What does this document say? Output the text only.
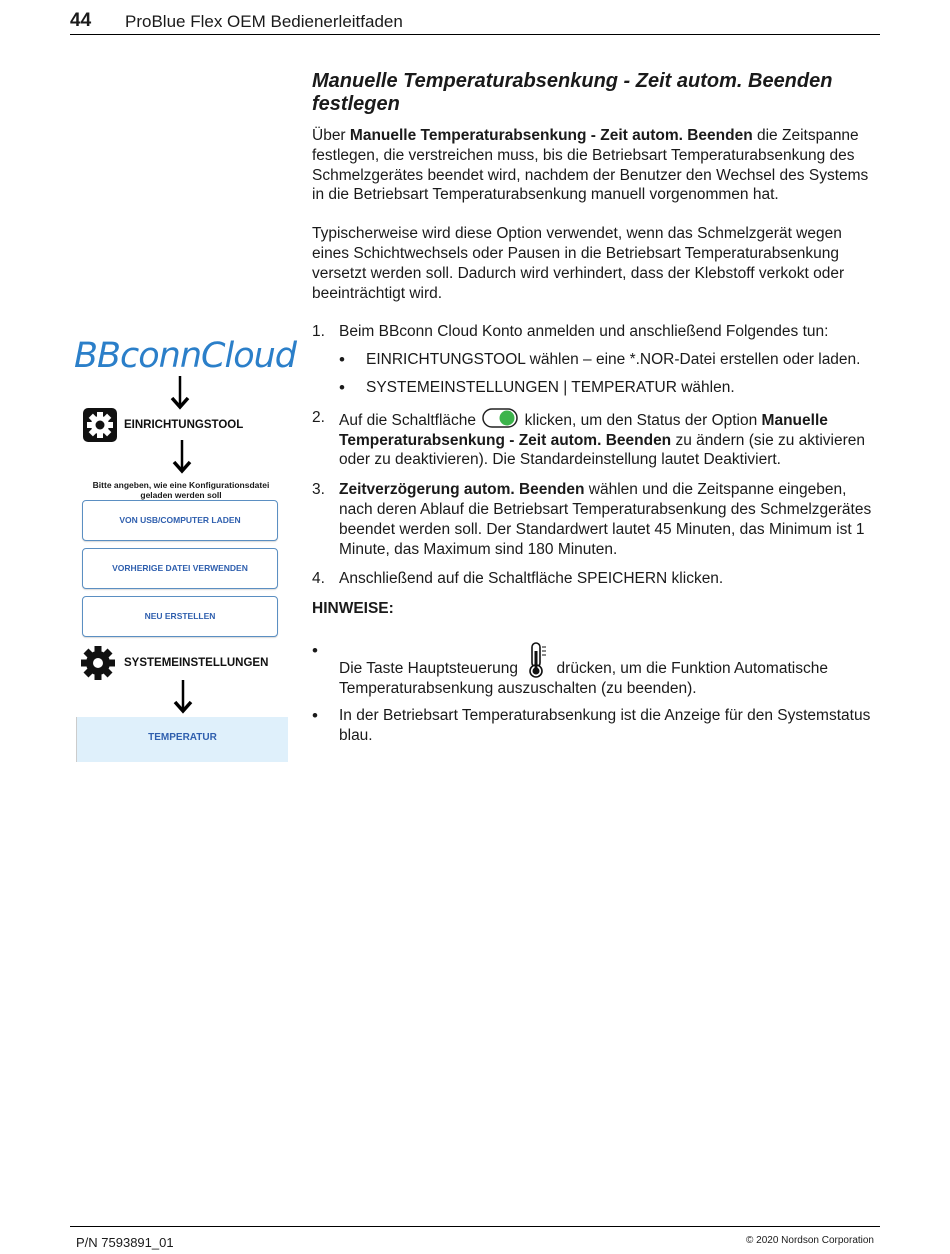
44 ProBlue Flex OEM Bedienerleitfaden
BBconnCloud
EINRICHTUNGSTOOL
Bitte angeben, wie eine Konfigurationsdatei geladen werden soll
VON USB/COMPUTER LADEN
VORHERIGE DATEI VERWENDEN
NEU ERSTELLEN
SYSTEMEINSTELLUNGEN
TEMPERATUR
Manuelle Temperaturabsenkung - Zeit autom. Beenden festlegen

Über Manuelle Temperaturabsenkung - Zeit autom. Beenden die Zeitspanne festlegen, die verstreichen muss, bis die Betriebsart Temperaturabsenkung des Schmelzgerätes beendet wird, nachdem der Benutzer den Wechsel des Systems in die Betriebsart Temperaturabsenkung manuell vorgenommen hat.

Typischerweise wird diese Option verwendet, wenn das Schmelzgerät wegen eines Schichtwechsels oder Pausen in die Betriebsart Temperaturabsenkung versetzt werden soll. Dadurch wird verhindert, dass der Klebstoff verkokt oder beeinträchtigt wird.

1. Beim BBconn Cloud Konto anmelden und anschließend Folgendes tun:
• EINRICHTUNGSTOOL wählen – eine *.NOR-Datei erstellen oder laden.
• SYSTEMEINSTELLUNGEN | TEMPERATUR wählen.
2. Auf die Schaltfläche	klicken, um den Status der Option Manuelle Temperaturabsenkung - Zeit autom. Beenden zu ändern (sie zu aktivieren oder zu deaktivieren). Die Standardeinstellung lautet Deaktiviert.
3. Zeitverzögerung autom. Beenden wählen und die Zeitspanne eingeben, nach deren Ablauf die Betriebsart Temperaturabsenkung des Schmelzgerätes beendet werden soll. Der Standardwert lautet 45 Minuten, das Minimum ist 1 Minute, das Maximum sind 180 Minuten.
4. Anschließend auf die Schaltfläche SPEICHERN klicken.
HINWEISE:
• Die Taste Hauptsteuerung  drücken, um die Funktion Automatische Temperaturabsenkung auszuschalten (zu beenden).
• In der Betriebsart Temperaturabsenkung ist die Anzeige für den Systemstatus blau.
P/N 7593891_01	© 2020 Nordson Corporation
